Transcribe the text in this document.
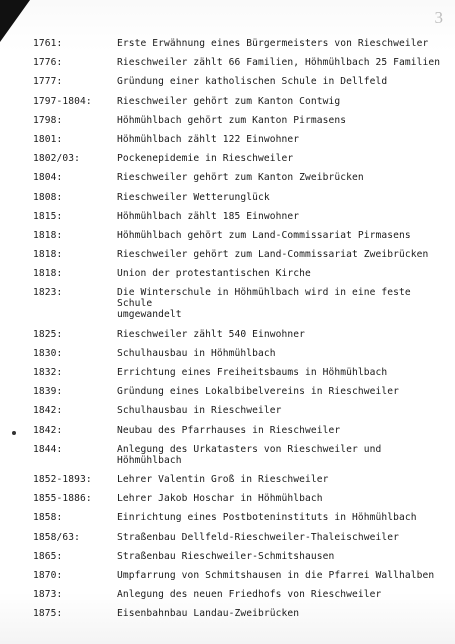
3
1761:	Erste Erwähnung eines Bürgermeisters von Rieschweiler
1776:	Rieschweiler zählt 66 Familien, Höhmühlbach 25 Familien
1777:	Gründung einer katholischen Schule in Dellfeld
1797-1804:	Rieschweiler gehört zum Kanton Contwig
1798:	Höhmühlbach gehört zum Kanton Pirmasens
1801:	Höhmühlbach zählt 122 Einwohner
1802/03:	Pockenepidemie in Rieschweiler
1804:	Rieschweiler gehört zum Kanton Zweibrücken
1808:	Rieschweiler Wetterunglück
1815:	Höhmühlbach zählt 185 Einwohner
1818:	Höhmühlbach gehört zum Land-Commissariat Pirmasens
1818:	Rieschweiler gehört zum Land-Commissariat Zweibrücken
1818:	Union der protestantischen Kirche
1823:	Die Winterschule in Höhmühlbach wird in eine feste Schule
umgewandelt
1825:	Rieschweiler zählt 540 Einwohner
1830:	Schulhausbau in Höhmühlbach
1832:	Errichtung eines Freiheitsbaums in Höhmühlbach
1839:	Gründung eines Lokalbibelvereins in Rieschweiler
1842:	Schulhausbau in Rieschweiler
1842:	Neubau des Pfarrhauses in Rieschweiler
1844:	Anlegung des Urkatasters von Rieschweiler und Höhmühlbach
1852-1893:	Lehrer Valentin Groß in Rieschweiler
1855-1886:	Lehrer Jakob Hoschar in Höhmühlbach
1858:	Einrichtung eines Postboteninstituts in Höhmühlbach
1858/63:	Straßenbau Dellfeld-Rieschweiler-Thaleischweiler
1865:	Straßenbau Rieschweiler-Schmitshausen
1870:	Umpfarrung von Schmitshausen in die Pfarrei Wallhalben
1873:	Anlegung des neuen Friedhofs von Rieschweiler
1875:	Eisenbahnbau Landau-Zweibrücken
